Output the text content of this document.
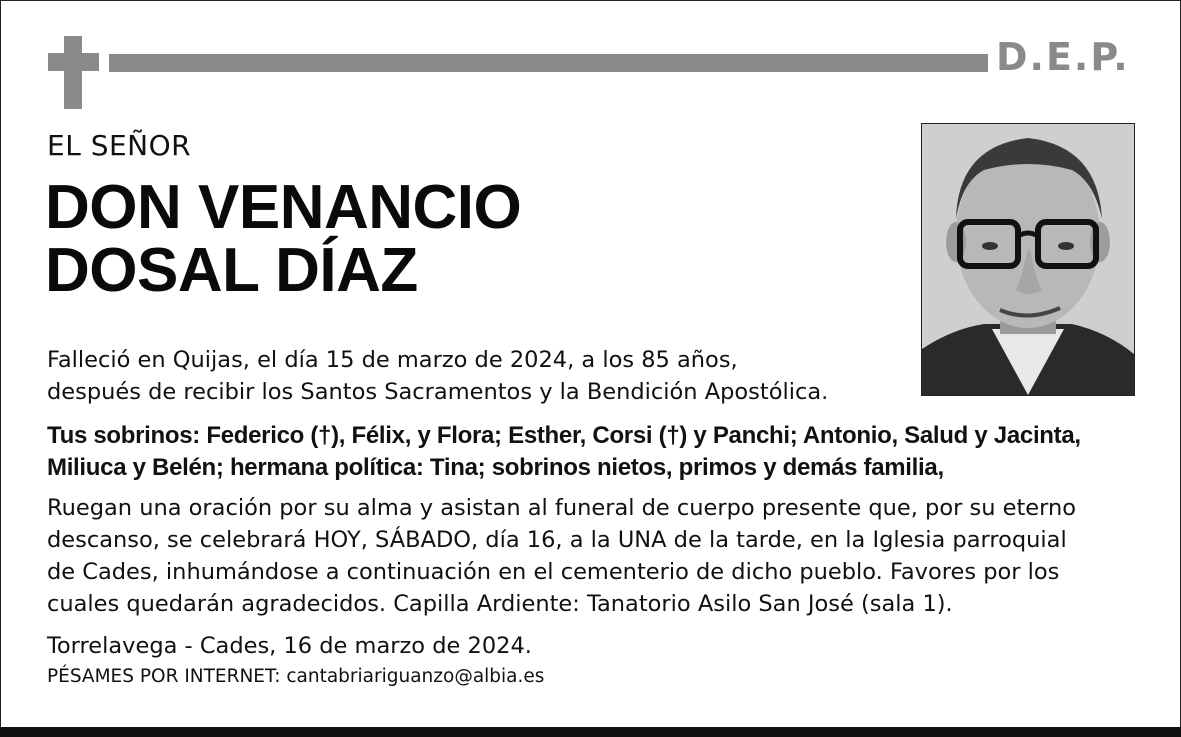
D.E.P.
EL SEÑOR
DON VENANCIO
DOSAL DÍAZ
Falleció en Quijas, el día 15 de marzo de 2024, a los 85 años,
después de recibir los Santos Sacramentos y la Bendición Apostólica.
Tus sobrinos: Federico (†), Félix, y Flora; Esther, Corsi (†) y Panchi; Antonio, Salud y Jacinta,
Miliuca y Belén; hermana política: Tina; sobrinos nietos, primos y demás familia,
Ruegan una oración por su alma y asistan al funeral de cuerpo presente que, por su eterno
descanso, se celebrará HOY, SÁBADO, día 16, a la UNA de la tarde, en la Iglesia parroquial
de Cades, inhumándose a continuación en el cementerio de dicho pueblo. Favores por los
cuales quedarán agradecidos. Capilla Ardiente: Tanatorio Asilo San José (sala 1).
Torrelavega - Cades, 16 de marzo de 2024.
PÉSAMES POR INTERNET: cantabriariguanzo@albia.es
